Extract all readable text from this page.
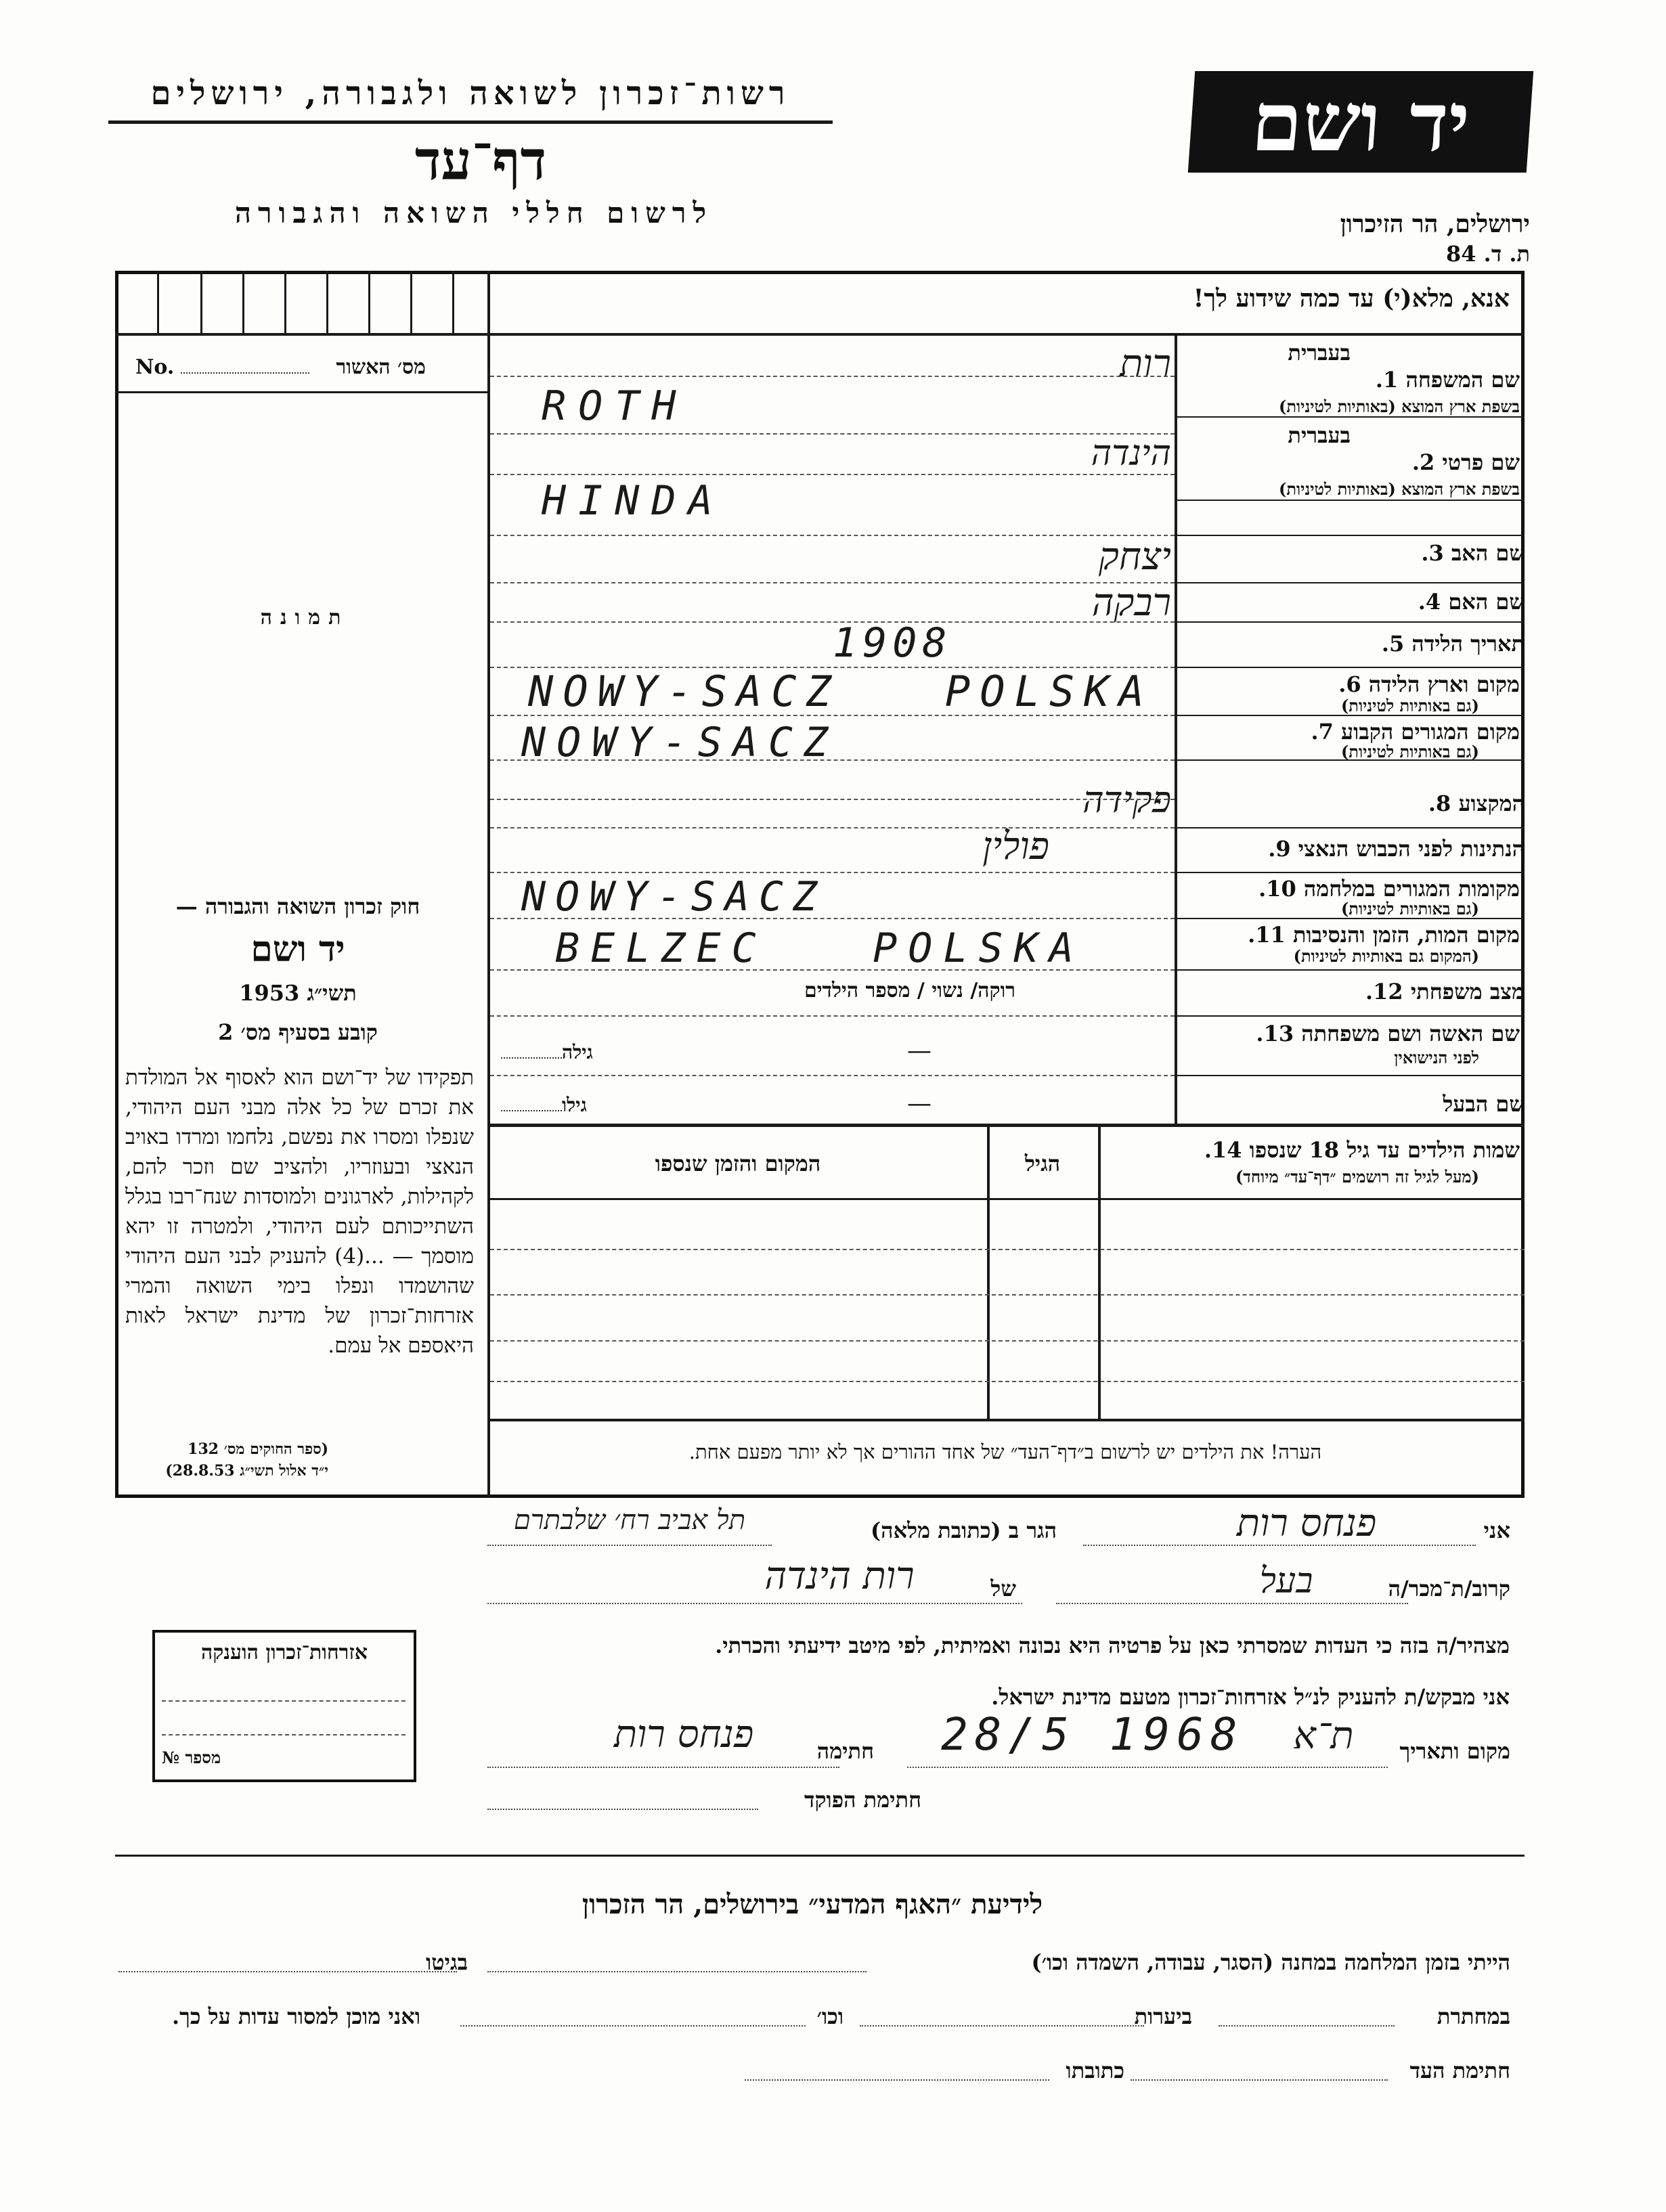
רשות־זכרון לשואה ולגבורה, ירושלים
דף־עד
לרשום חללי השואה והגבורה
יד ושם
ירושלים, הר הזיכרון
ת. ד. 84
אנא, מלא(י) עד כמה שידוע לך!
No.	מס׳ האשור
תמונה
חוק זכרון השואה והגבורה —
יד ושם
תשי״ג 1953
קובע בסעיף מס׳ 2
תפקידו של יד־ושם הוא לאסוף אל המולדת את זכרם של כל אלה מבני העם היהודי, שנפלו ומסרו את נפשם, נלחמו ומרדו באויב הנאצי ובעוזריו, ולהציב שם וזכר להם, לקהילות, לארגונים ולמוסדות שנח־רבו בגלל השתייכותם לעם היהודי, ולמטרה זו יהא מוסמך — ...(4) להעניק לבני העם היהודי שהושמדו ונפלו בימי השואה והמרי אזרחות־זכרון של מדינת ישראל לאות היאספם אל עמם.
(ספר החוקים מס׳ 132
י״ד אלול תשי״ג 28.8.53)
בעברית
שם המשפחה 1.
בשפת ארץ המוצא (באותיות לטיניות)
רות
ROTH
בעברית
שם פרטי 2.
בשפת ארץ המוצא (באותיות לטיניות)
הינדה
HINDA
שם האב 3.
יצחק
שם האם 4.
רבקה
תאריך הלידה 5.
1908
מקום וארץ הלידה 6.
(גם באותיות לטיניות)
NOWY-SACZ   POLSKA
מקום המגורים הקבוע 7.
(גם באותיות לטיניות)
NOWY-SACZ
המקצוע 8.
פקידה
הנתינות לפני הכבוש הנאצי 9.
פולין
מקומות המגורים במלחמה 10.
(גם באותיות לטיניות)
NOWY-SACZ
מקום המות, הזמן והנסיבות 11.
(המקום גם באותיות לטיניות)
BELZEC   POLSKA
מצב משפחתי 12.
רוקה/ נשוי / מספר הילדים
שם האשה ושם משפחתה 13.
לפני הנישואין
גילה	—
שם הבעל
גילו	—
שמות הילדים עד גיל 18 שנספו 14.
(מעל לגיל זה רושמים ״דף־עד״ מיוחד)
הגיל
המקום והזמן שנספו
הערה! את הילדים יש לרשום ב״דף־העד״ של אחד ההורים אך לא יותר מפעם אחת.
אני
פנחס רות
הגר ב (כתובת מלאה)
תל אביב רח׳ שלבתרם
קרוב/ת־מכר/ה
בעל
של
רות הינדה
מצהיר/ה בזה כי העדות שמסרתי כאן על פרטיה היא נכונה ואמיתית, לפי מיטב ידיעתי והכרתי.
אני מבקש/ת להעניק לנ״ל אזרחות־זכרון מטעם מדינת ישראל.
מקום ותאריך
ת־א
28/5 1968
חתימה
פנחס רות
חתימת הפוקד
אזרחות־זכרון הוענקה
מספר №
לידיעת ״האגף המדעי״ בירושלים, הר הזכרון
הייתי בזמן המלחמה במחנה (הסגר, עבודה, השמדה וכו׳)
בגיטו
במחתרת
ביערות
וכו׳
ואני מוכן למסור עדות על כך.
חתימת העד
כתובתו
